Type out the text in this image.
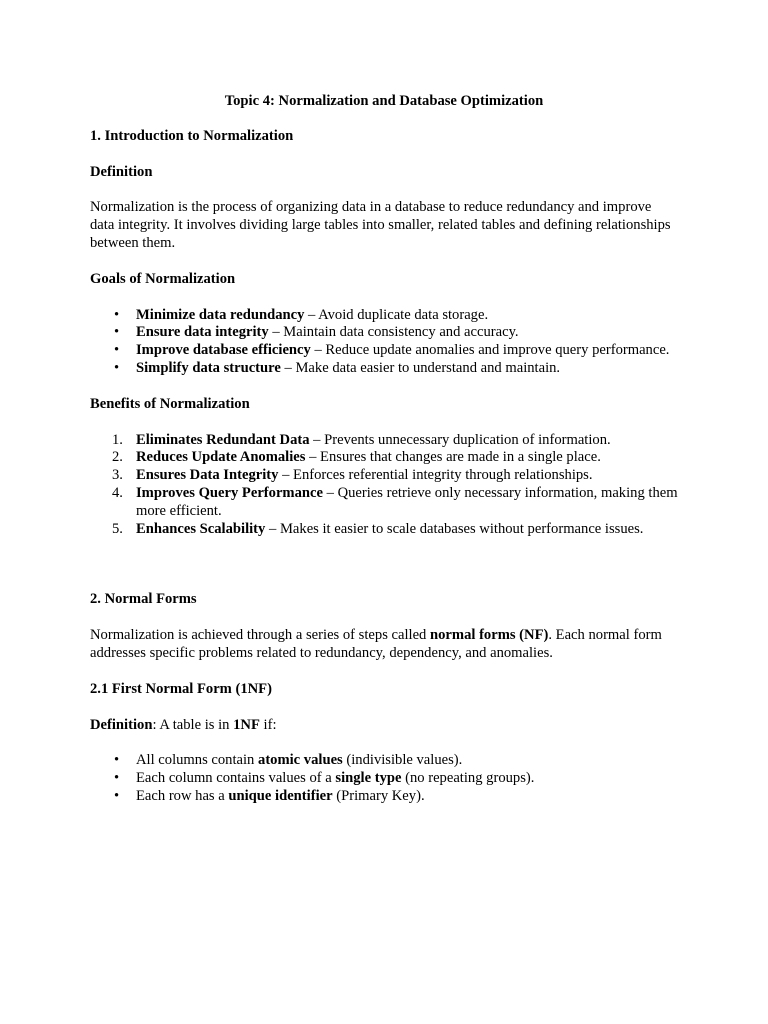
Topic 4: Normalization and Database Optimization

1. Introduction to Normalization

Definition

Normalization is the process of organizing data in a database to reduce redundancy and improve data integrity. It involves dividing large tables into smaller, related tables and defining relationships between them.

Goals of Normalization

• Minimize data redundancy – Avoid duplicate data storage.
• Ensure data integrity – Maintain data consistency and accuracy.
• Improve database efficiency – Reduce update anomalies and improve query performance.
• Simplify data structure – Make data easier to understand and maintain.

Benefits of Normalization

1. Eliminates Redundant Data – Prevents unnecessary duplication of information.
2. Reduces Update Anomalies – Ensures that changes are made in a single place.
3. Ensures Data Integrity – Enforces referential integrity through relationships.
4. Improves Query Performance – Queries retrieve only necessary information, making them more efficient.
5. Enhances Scalability – Makes it easier to scale databases without performance issues.

2. Normal Forms

Normalization is achieved through a series of steps called normal forms (NF). Each normal form addresses specific problems related to redundancy, dependency, and anomalies.

2.1 First Normal Form (1NF)

Definition: A table is in 1NF if:

• All columns contain atomic values (indivisible values).
• Each column contains values of a single type (no repeating groups).
• Each row has a unique identifier (Primary Key).
